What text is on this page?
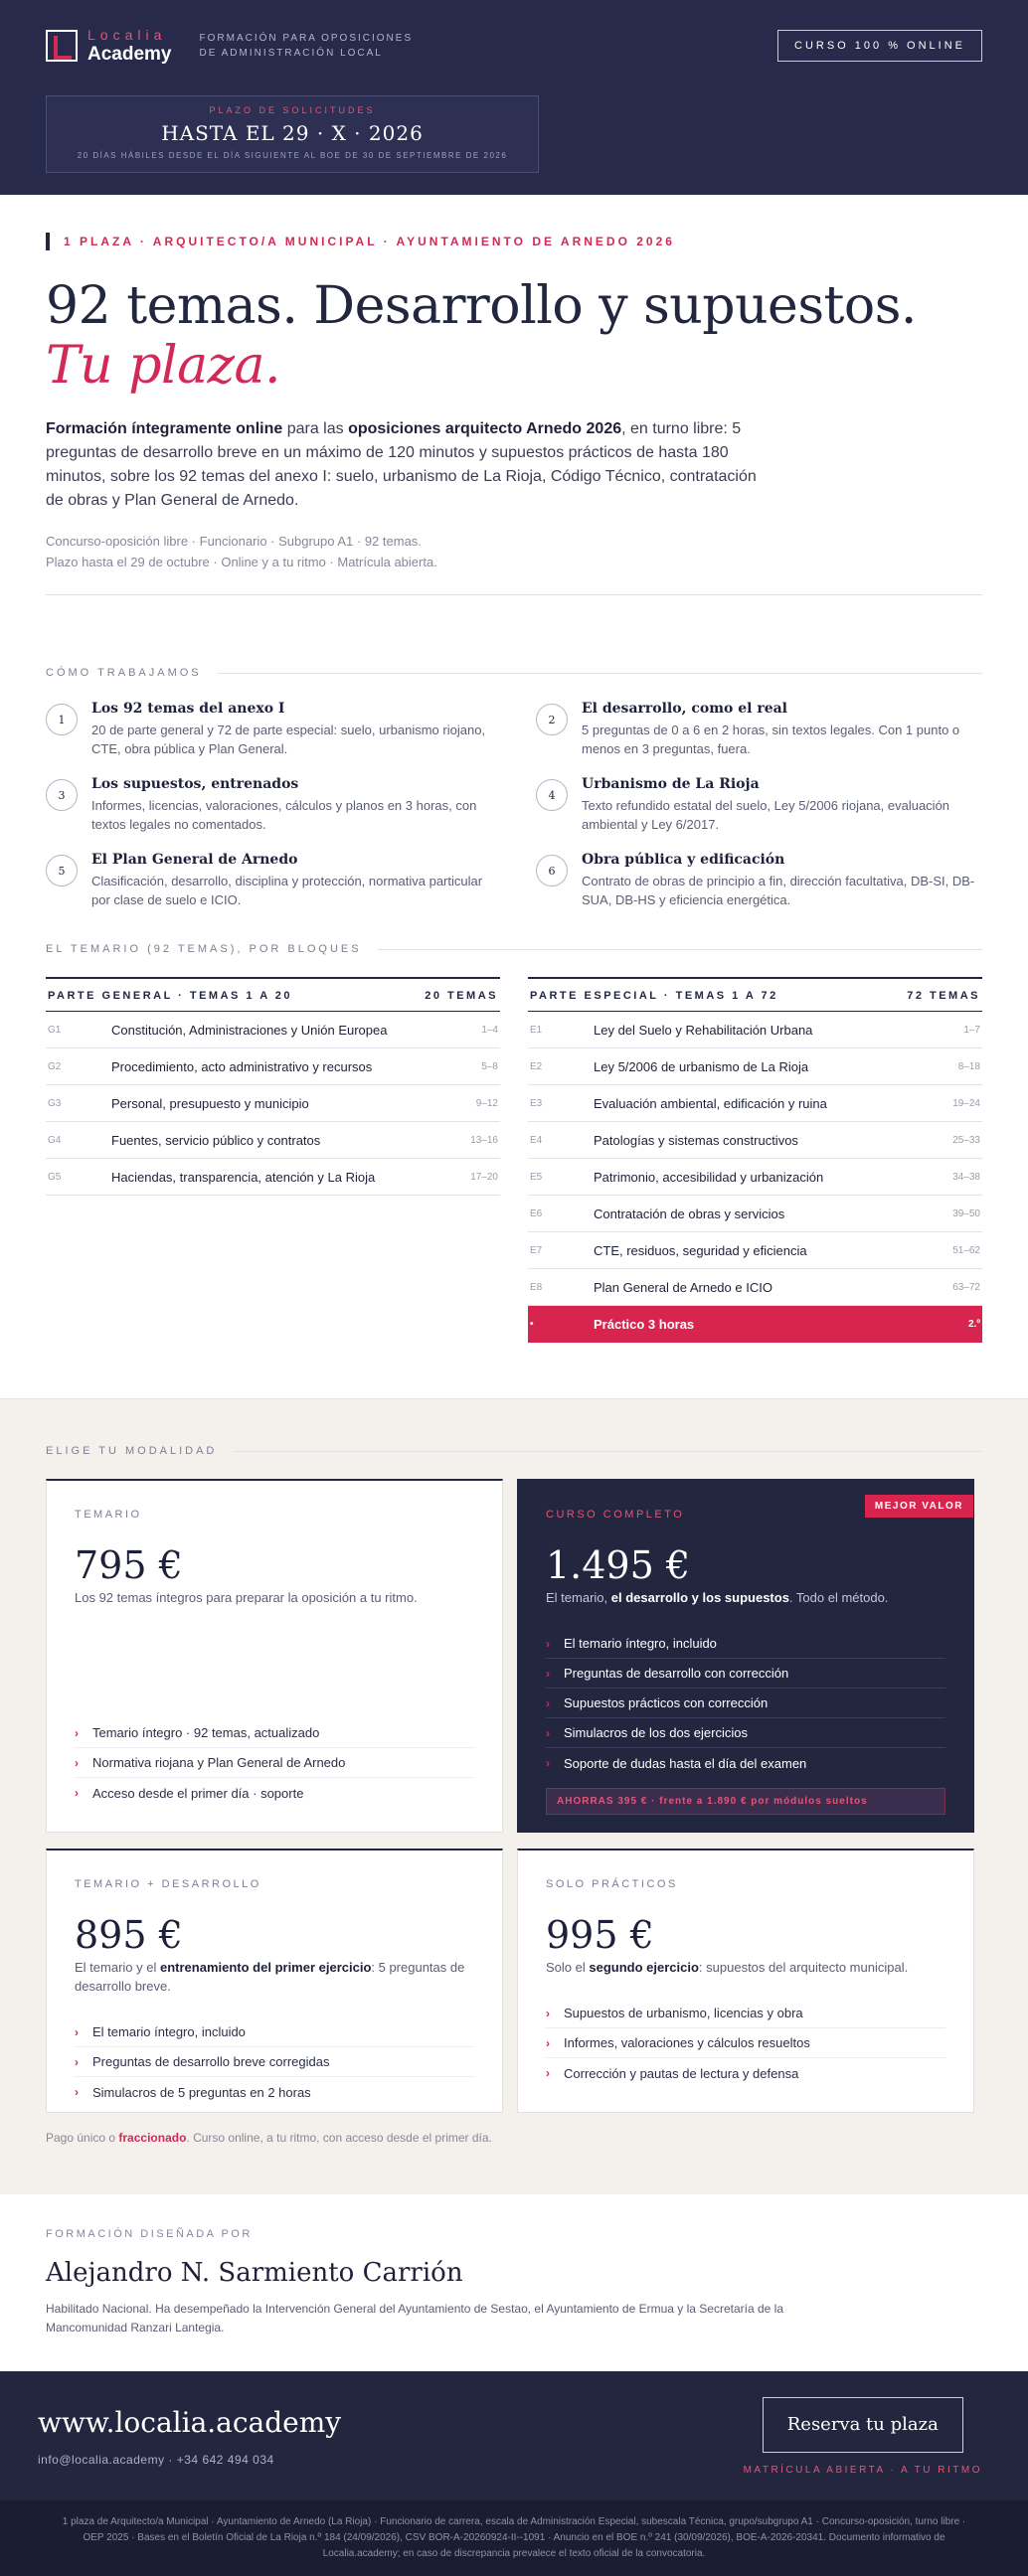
Localia
Academy
FORMACIÓN PARA OPOSICIONES
DE ADMINISTRACIÓN LOCAL
CURSO 100 % ONLINE
PLAZO DE SOLICITUDES
HASTA EL 29 · X · 2026
20 DÍAS HÁBILES DESDE EL DÍA SIGUIENTE AL BOE DE 30 DE SEPTIEMBRE DE 2026
1 PLAZA · ARQUITECTO/A MUNICIPAL · AYUNTAMIENTO DE ARNEDO 2026
92 temas. Desarrollo y supuestos. Tu plaza.

Formación íntegramente online para las oposiciones arquitecto Arnedo 2026, en turno libre: 5 preguntas de desarrollo breve en un máximo de 120 minutos y supuestos prácticos de hasta 180 minutos, sobre los 92 temas del anexo I: suelo, urbanismo de La Rioja, Código Técnico, contratación de obras y Plan General de Arnedo.

Concurso-oposición libre · Funcionario · Subgrupo A1 · 92 temas.
Plazo hasta el 29 de octubre · Online y a tu ritmo · Matrícula abierta.
CÓMO TRABAJAMOS
1
Los 92 temas del anexo I
20 de parte general y 72 de parte especial: suelo, urbanismo riojano, CTE, obra pública y Plan General.
2
El desarrollo, como el real
5 preguntas de 0 a 6 en 2 horas, sin textos legales. Con 1 punto o menos en 3 preguntas, fuera.
3
Los supuestos, entrenados
Informes, licencias, valoraciones, cálculos y planos en 3 horas, con textos legales no comentados.
4
Urbanismo de La Rioja
Texto refundido estatal del suelo, Ley 5/2006 riojana, evaluación ambiental y Ley 6/2017.
5
El Plan General de Arnedo
Clasificación, desarrollo, disciplina y protección, normativa particular por clase de suelo e ICIO.
6
Obra pública y edificación
Contrato de obras de principio a fin, dirección facultativa, DB-SI, DB-SUA, DB-HS y eficiencia energética.
EL TEMARIO (92 TEMAS), POR BLOQUES
PARTE GENERAL · TEMAS 1 A 20	20 TEMAS
G1	Constitución, Administraciones y Unión Europea	1–4
G2	Procedimiento, acto administrativo y recursos	5–8
G3	Personal, presupuesto y municipio	9–12
G4	Fuentes, servicio público y contratos	13–16
G5	Haciendas, transparencia, atención y La Rioja	17–20
PARTE ESPECIAL · TEMAS 1 A 72	72 TEMAS
E1	Ley del Suelo y Rehabilitación Urbana	1–7
E2	Ley 5/2006 de urbanismo de La Rioja	8–18
E3	Evaluación ambiental, edificación y ruina	19–24
E4	Patologías y sistemas constructivos	25–33
E5	Patrimonio, accesibilidad y urbanización	34–38
E6	Contratación de obras y servicios	39–50
E7	CTE, residuos, seguridad y eficiencia	51–62
E8	Plan General de Arnedo e ICIO	63–72
•	Práctico 3 horas	2.º
ELIGE TU MODALIDAD
TEMARIO
795 €
Los 92 temas íntegros para preparar la oposición a tu ritmo.
› Temario íntegro · 92 temas, actualizado
› Normativa riojana y Plan General de Arnedo
› Acceso desde el primer día · soporte
MEJOR VALOR
CURSO COMPLETO
1.495 €
El temario, el desarrollo y los supuestos. Todo el método.
› El temario íntegro, incluido
› Preguntas de desarrollo con corrección
› Supuestos prácticos con corrección
› Simulacros de los dos ejercicios
› Soporte de dudas hasta el día del examen
AHORRAS 395 € · frente a 1.890 € por módulos sueltos
TEMARIO + DESARROLLO
895 €
El temario y el entrenamiento del primer ejercicio: 5 preguntas de desarrollo breve.
› El temario íntegro, incluido
› Preguntas de desarrollo breve corregidas
› Simulacros de 5 preguntas en 2 horas
SOLO PRÁCTICOS
995 €
Solo el segundo ejercicio: supuestos del arquitecto municipal.
› Supuestos de urbanismo, licencias y obra
› Informes, valoraciones y cálculos resueltos
› Corrección y pautas de lectura y defensa
Pago único o fraccionado. Curso online, a tu ritmo, con acceso desde el primer día.
FORMACIÓN DISEÑADA POR
Alejandro N. Sarmiento Carrión
Habilitado Nacional. Ha desempeñado la Intervención General del Ayuntamiento de Sestao, el Ayuntamiento de Ermua y la Secretaría de la Mancomunidad Ranzari Lantegia.
www.localia.academy
info@localia.academy · +34 642 494 034
Reserva tu plaza
MATRÍCULA ABIERTA · A TU RITMO
1 plaza de Arquitecto/a Municipal · Ayuntamiento de Arnedo (La Rioja) · Funcionario de carrera, escala de Administración Especial, subescala Técnica, grupo/subgrupo A1 · Concurso-oposición, turno libre · OEP 2025 · Bases en el Boletín Oficial de La Rioja n.º 184 (24/09/2026), CSV BOR-A-20260924-II--1091 · Anuncio en el BOE n.º 241 (30/09/2026), BOE-A-2026-20341. Documento informativo de Localia.academy; en caso de discrepancia prevalece el texto oficial de la convocatoria.
